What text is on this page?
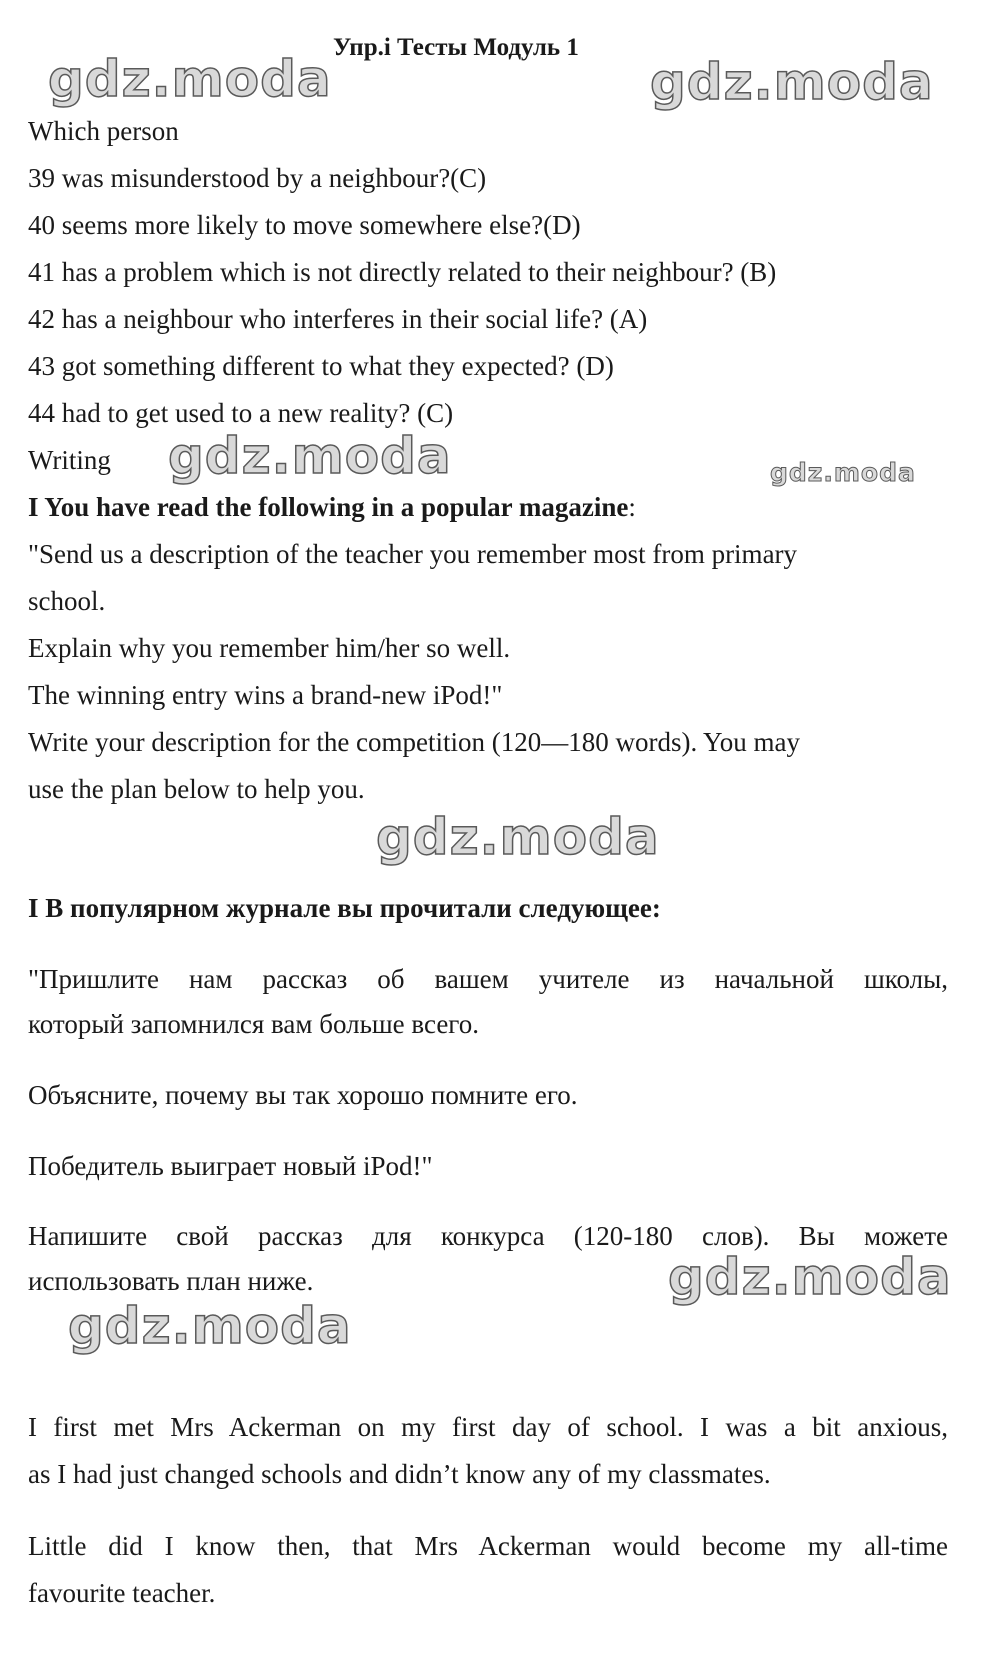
gdz.moda	gdz.moda
gdz.moda	gdz.moda
gdz.moda
gdz.moda
gdz.moda
Упр.i Тесты Модуль 1
Which person
39 was misunderstood by a neighbour?(C)
40 seems more likely to move somewhere else?(D)
41 has a problem which is not directly related to their neighbour? (B)
42 has a neighbour who interferes in their social life? (A)
43 got something different to what they expected? (D)
44 had to get used to a new reality? (C)
Writing
I You have read the following in a popular magazine:
"Send us a description of the teacher you remember most from primary
school.
Explain why you remember him/her so well.
The winning entry wins a brand-new iPod!"
Write your description for the competition (120—180 words). You may
use the plan below to help you.
I В популярном журнале вы прочитали следующее:
"Пришлите нам рассказ об вашем учителе из начальной школы,
который запомнился вам больше всего.
Объясните, почему вы так хорошо помните его.
Победитель выиграет новый iPod!"
Напишите свой рассказ для конкурса (120-180 слов). Вы можете
использовать план ниже.
I first met Mrs Ackerman on my first day of school. I was a bit anxious,
as I had just changed schools and didn’t know any of my classmates.
Little did I know then, that Mrs Ackerman would become my all-time
favourite teacher.
